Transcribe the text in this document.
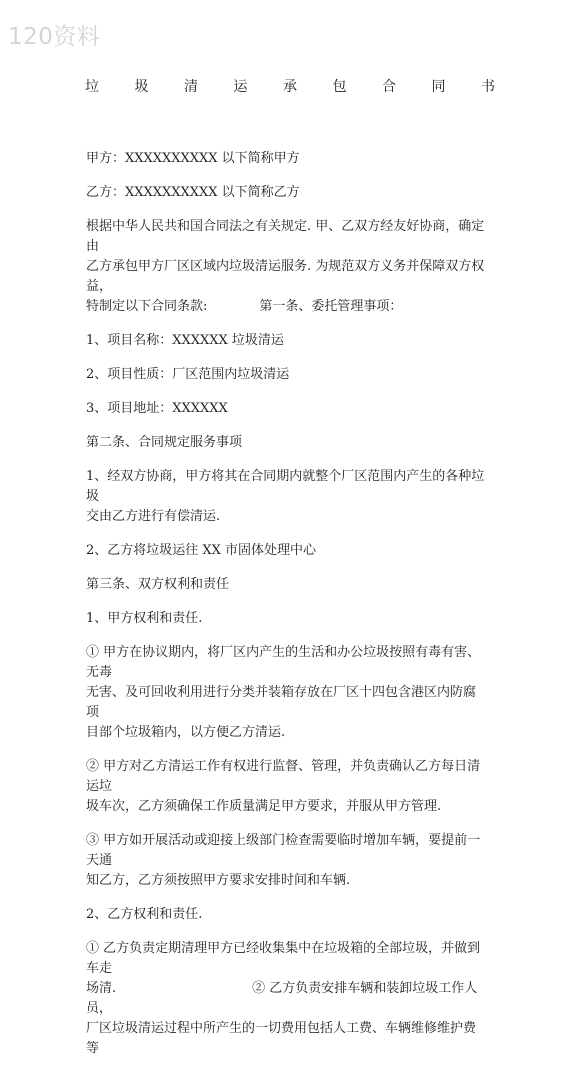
120资料
垃	圾	清	运	承	包	合	同	书
甲方：XXXXXXXXXX 以下简称甲方
乙方：XXXXXXXXXX 以下简称乙方
根据中华人民共和国合同法之有关规定. 甲、乙双方经友好协商，确定由
乙方承包甲方厂区区域内垃圾清运服务. 为规范双方义务并保障双方权益，
特制定以下合同条款:	第一条、委托管理事项：
1、项目名称：XXXXXX 垃圾清运
2、项目性质：厂区范围内垃圾清运
3、项目地址：XXXXXX
第二条、合同规定服务事项
1、经双方协商，甲方将其在合同期内就整个厂区范围内产生的各种垃圾
交由乙方进行有偿清运.
2、乙方将垃圾运往 XX 市固体处理中心
第三条、双方权利和责任
1、甲方权利和责任.
① 甲方在协议期内，将厂区内产生的生活和办公垃圾按照有毒有害、无毒
无害、及可回收利用进行分类并装箱存放在厂区十四包含港区内防腐项
目部个垃圾箱内，以方便乙方清运.
② 甲方对乙方清运工作有权进行监督、管理，并负责确认乙方每日清运垃
圾车次，乙方须确保工作质量满足甲方要求，并服从甲方管理.
③ 甲方如开展活动或迎接上级部门检查需要临时增加车辆，要提前一天通
知乙方，乙方须按照甲方要求安排时间和车辆.
2、乙方权利和责任.
① 乙方负责定期清理甲方已经收集集中在垃圾箱的全部垃圾，并做到车走
场清.	② 乙方负责安排车辆和装卸垃圾工作人员，
厂区垃圾清运过程中所产生的一切费用包括人工费、车辆维修维护费等
